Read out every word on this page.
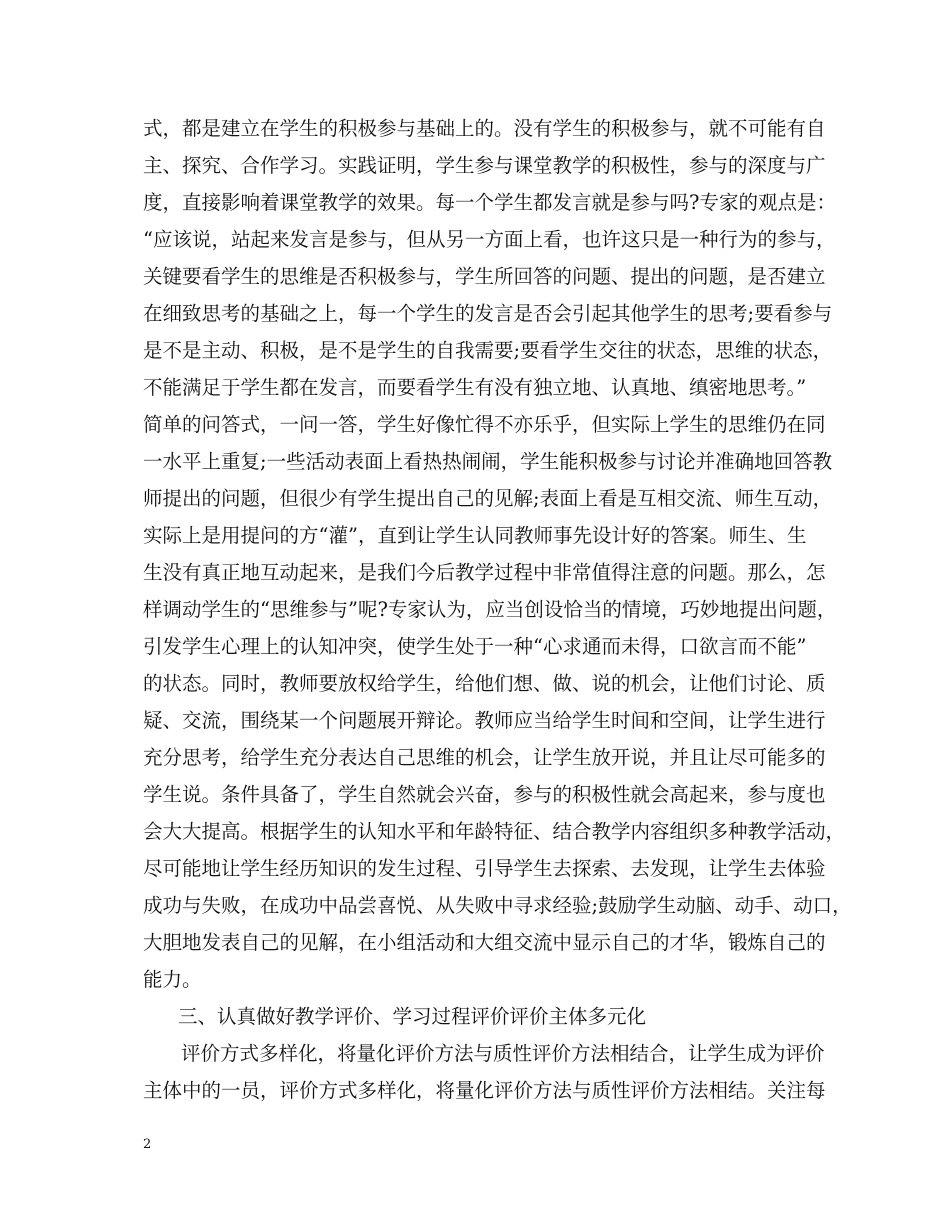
式，都是建立在学生的积极参与基础上的。没有学生的积极参与，就不可能有自
主、探究、合作学习。实践证明，学生参与课堂教学的积极性，参与的深度与广
度，直接影响着课堂教学的效果。每一个学生都发言就是参与吗?专家的观点是：
“应该说，站起来发言是参与，但从另一方面上看，也许这只是一种行为的参与，
关键要看学生的思维是否积极参与，学生所回答的问题、提出的问题，是否建立
在细致思考的基础之上，每一个学生的发言是否会引起其他学生的思考;要看参与
是不是主动、积极，是不是学生的自我需要;要看学生交往的状态，思维的状态，
不能满足于学生都在发言，而要看学生有没有独立地、认真地、缜密地思考。”
简单的问答式，一问一答，学生好像忙得不亦乐乎，但实际上学生的思维仍在同
一水平上重复;一些活动表面上看热热闹闹，学生能积极参与讨论并准确地回答教
师提出的问题，但很少有学生提出自己的见解;表面上看是互相交流、师生互动，
实际上是用提问的方“灌”，直到让学生认同教师事先设计好的答案。师生、生
生没有真正地互动起来，是我们今后教学过程中非常值得注意的问题。那么，怎
样调动学生的“思维参与”呢?专家认为，应当创设恰当的情境，巧妙地提出问题，
引发学生心理上的认知冲突，使学生处于一种“心求通而未得，口欲言而不能”
的状态。同时，教师要放权给学生，给他们想、做、说的机会，让他们讨论、质
疑、交流，围绕某一个问题展开辩论。教师应当给学生时间和空间，让学生进行
充分思考，给学生充分表达自己思维的机会，让学生放开说，并且让尽可能多的
学生说。条件具备了，学生自然就会兴奋，参与的积极性就会高起来，参与度也
会大大提高。根据学生的认知水平和年龄特征、结合教学内容组织多种教学活动，
尽可能地让学生经历知识的发生过程、引导学生去探索、去发现，让学生去体验
成功与失败，在成功中品尝喜悦、从失败中寻求经验;鼓励学生动脑、动手、动口，
大胆地发表自己的见解，在小组活动和大组交流中显示自己的才华，锻炼自己的
能力。
三、认真做好教学评价、学习过程评价评价主体多元化
评价方式多样化，将量化评价方法与质性评价方法相结合，让学生成为评价
主体中的一员，评价方式多样化，将量化评价方法与质性评价方法相结。关注每
2
